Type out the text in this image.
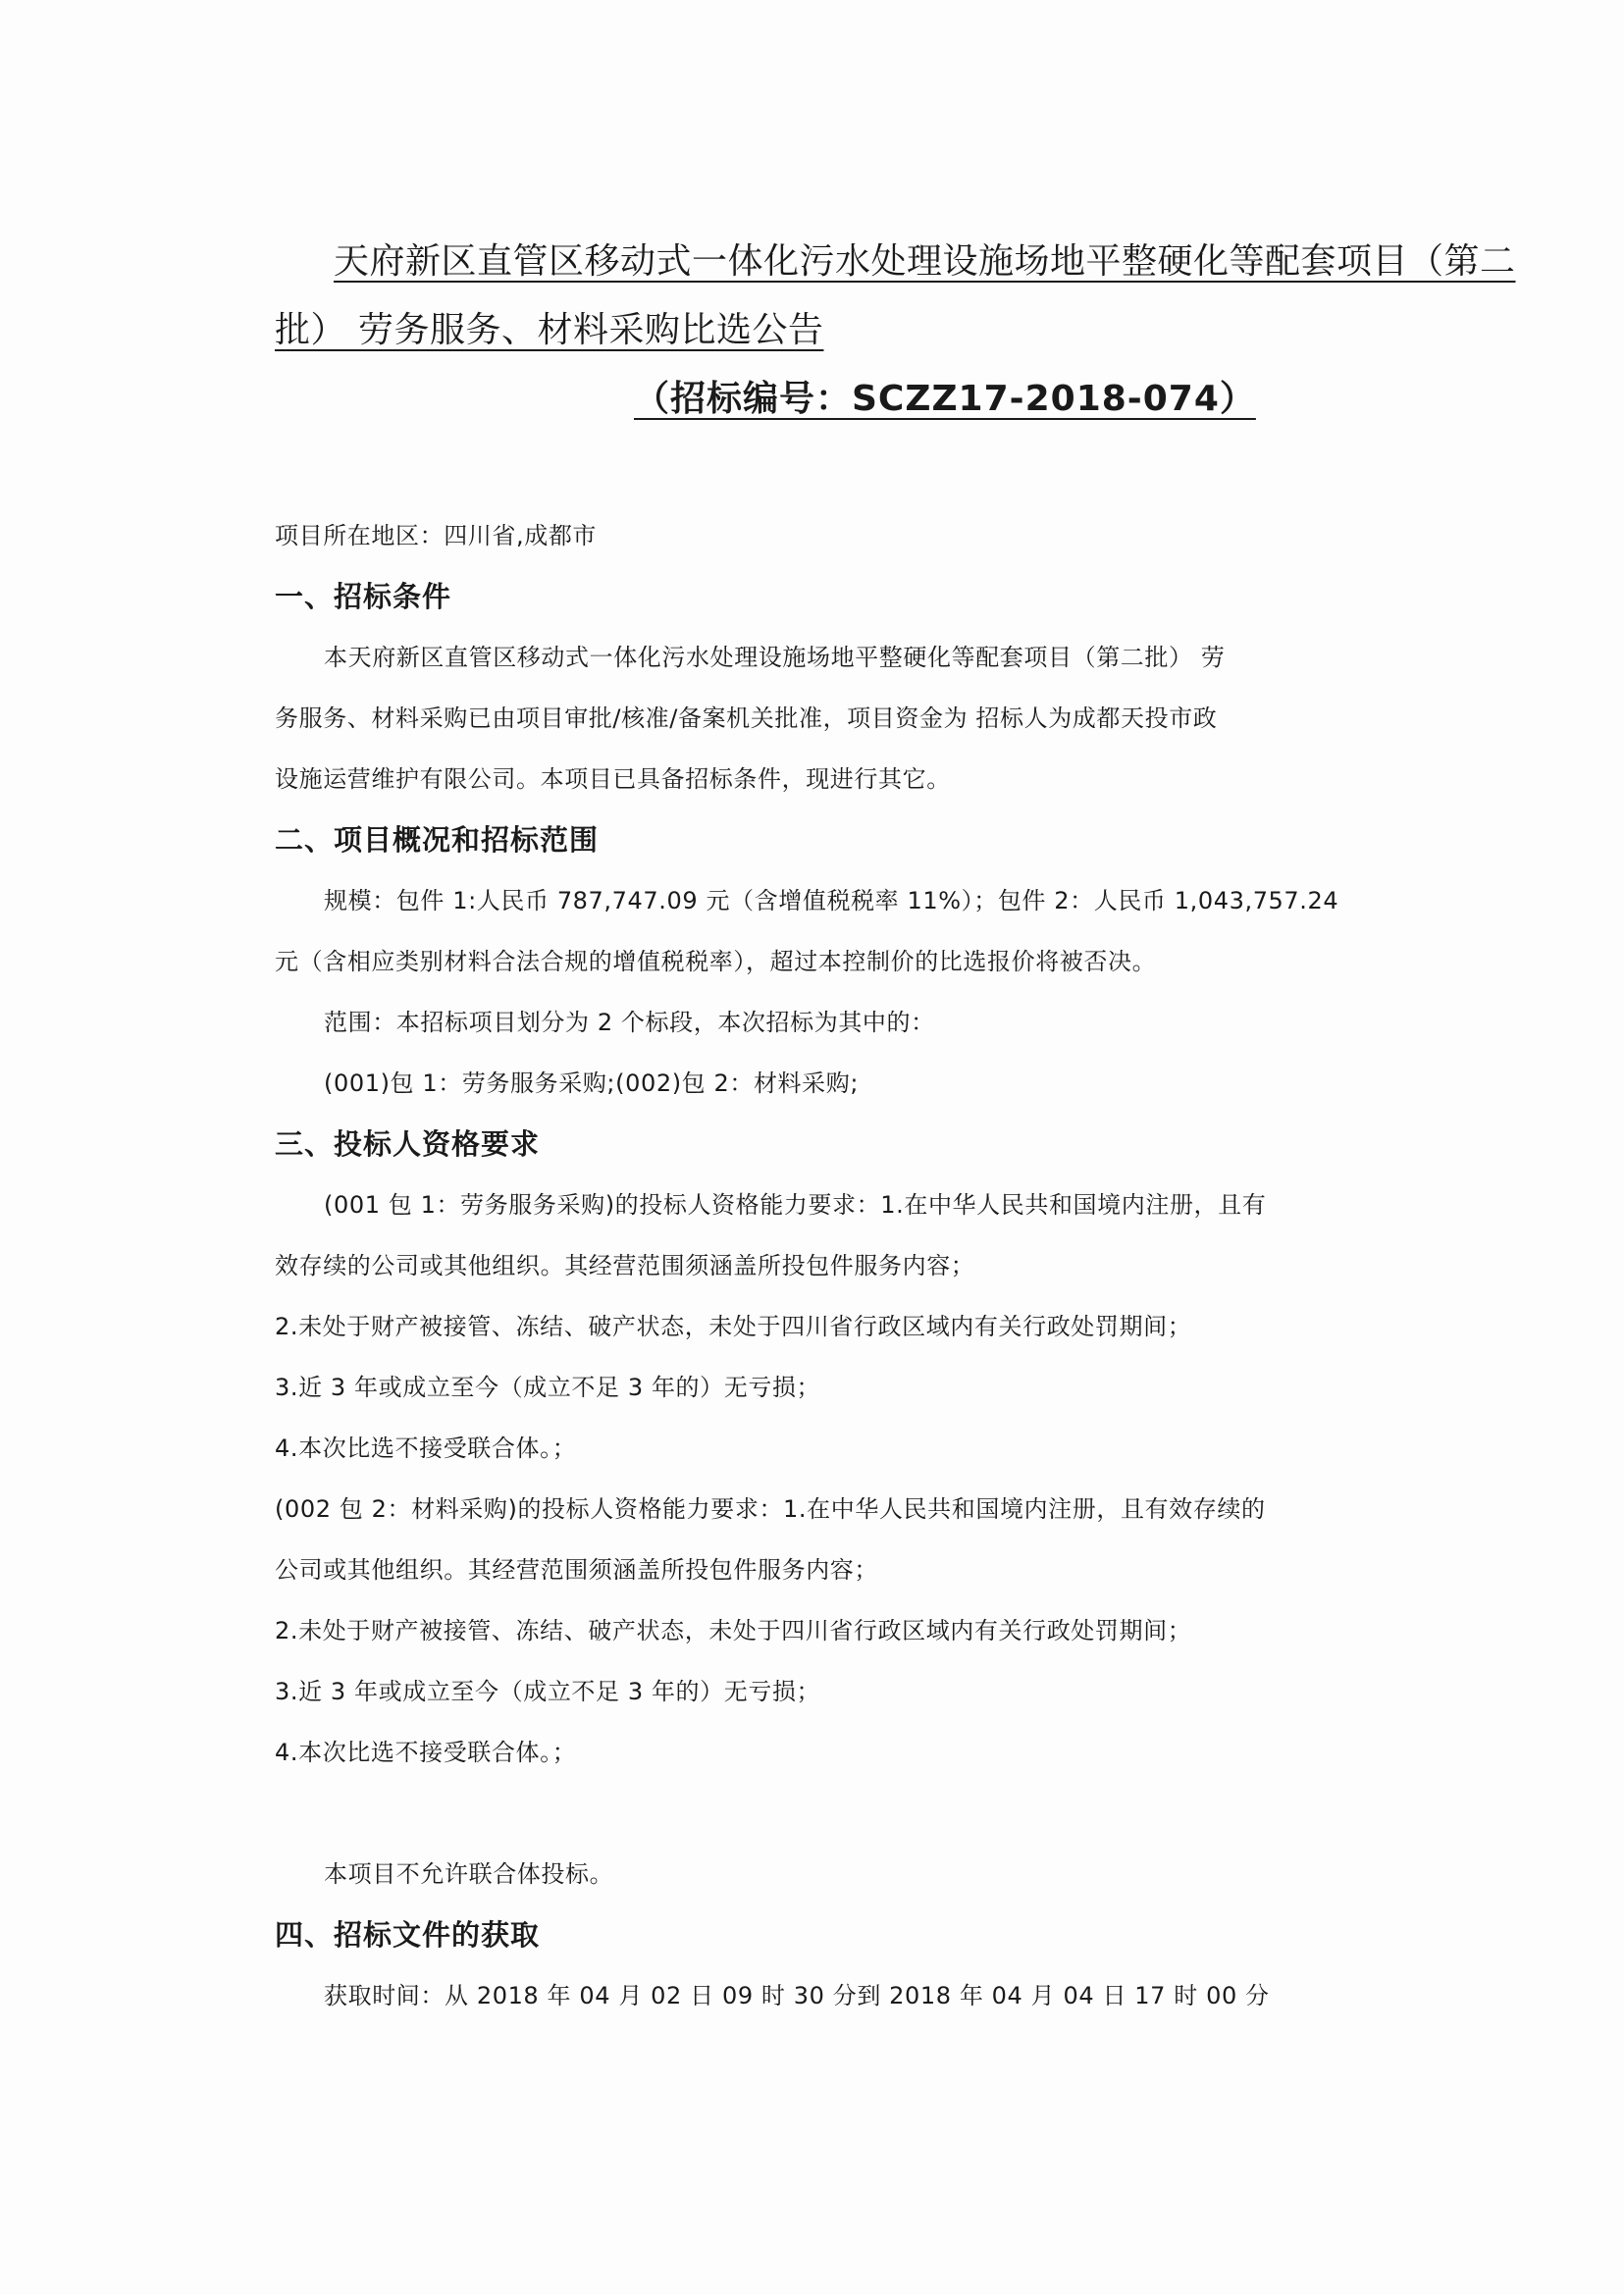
天府新区直管区移动式一体化污水处理设施场地平整硬化等配套项目（第二
批） 劳务服务、材料采购比选公告
（招标编号：SCZZ17-2018-074）
项目所在地区：四川省,成都市
一、招标条件
本天府新区直管区移动式一体化污水处理设施场地平整硬化等配套项目（第二批） 劳
务服务、材料采购已由项目审批/核准/备案机关批准，项目资金为 招标人为成都天投市政
设施运营维护有限公司。本项目已具备招标条件，现进行其它。
二、项目概况和招标范围
规模：包件 1:人民币 787,747.09 元（含增值税税率 11%）；包件 2：人民币 1,043,757.24
元（含相应类别材料合法合规的增值税税率），超过本控制价的比选报价将被否决。
范围：本招标项目划分为 2 个标段，本次招标为其中的：
(001)包 1：劳务服务采购;(002)包 2：材料采购;
三、投标人资格要求
(001 包 1：劳务服务采购)的投标人资格能力要求：1.在中华人民共和国境内注册，且有
效存续的公司或其他组织。其经营范围须涵盖所投包件服务内容；
2.未处于财产被接管、冻结、破产状态，未处于四川省行政区域内有关行政处罚期间；
3.近 3 年或成立至今（成立不足 3 年的）无亏损；
4.本次比选不接受联合体。；
(002 包 2：材料采购)的投标人资格能力要求：1.在中华人民共和国境内注册，且有效存续的
公司或其他组织。其经营范围须涵盖所投包件服务内容；
2.未处于财产被接管、冻结、破产状态，未处于四川省行政区域内有关行政处罚期间；
3.近 3 年或成立至今（成立不足 3 年的）无亏损；
4.本次比选不接受联合体。；
本项目不允许联合体投标。
四、招标文件的获取
获取时间：从 2018 年 04 月 02 日 09 时 30 分到 2018 年 04 月 04 日 17 时 00 分
